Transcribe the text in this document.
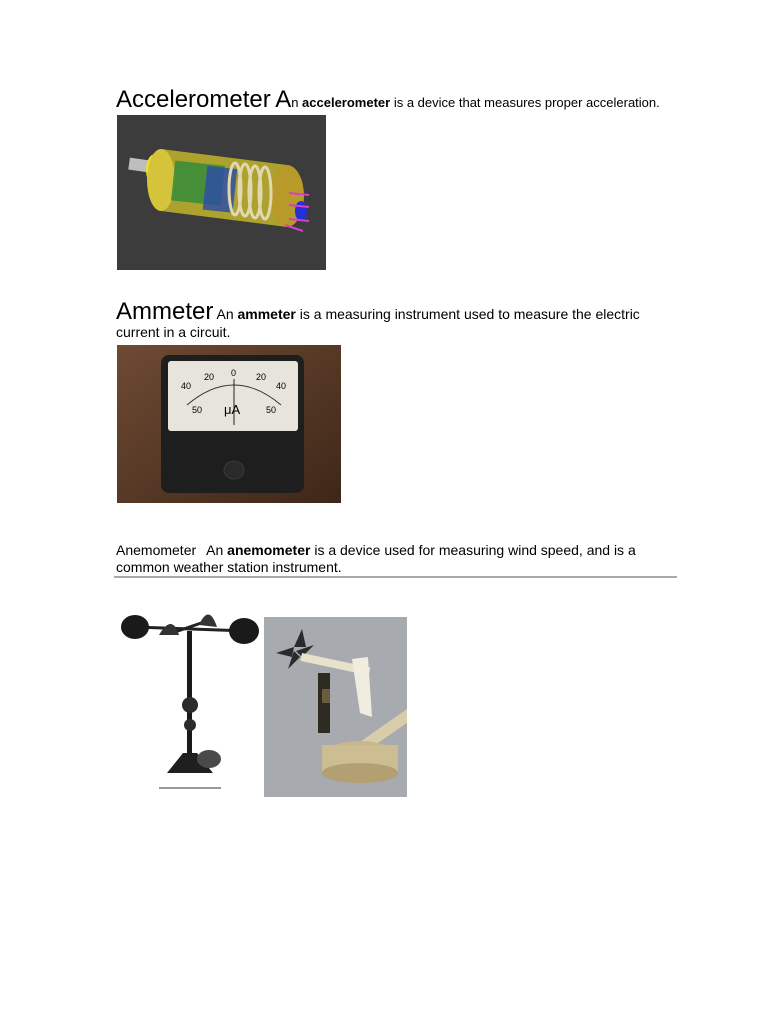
Accelerometer An accelerometer is a device that measures proper acceleration.
Ammeter An ammeter is a measuring instrument used to measure the electric
current in a circuit.
40
20 0 20
40
50	50
μA
Anemometer An anemometer is a device used for measuring wind speed, and is a
common weather station instrument.
